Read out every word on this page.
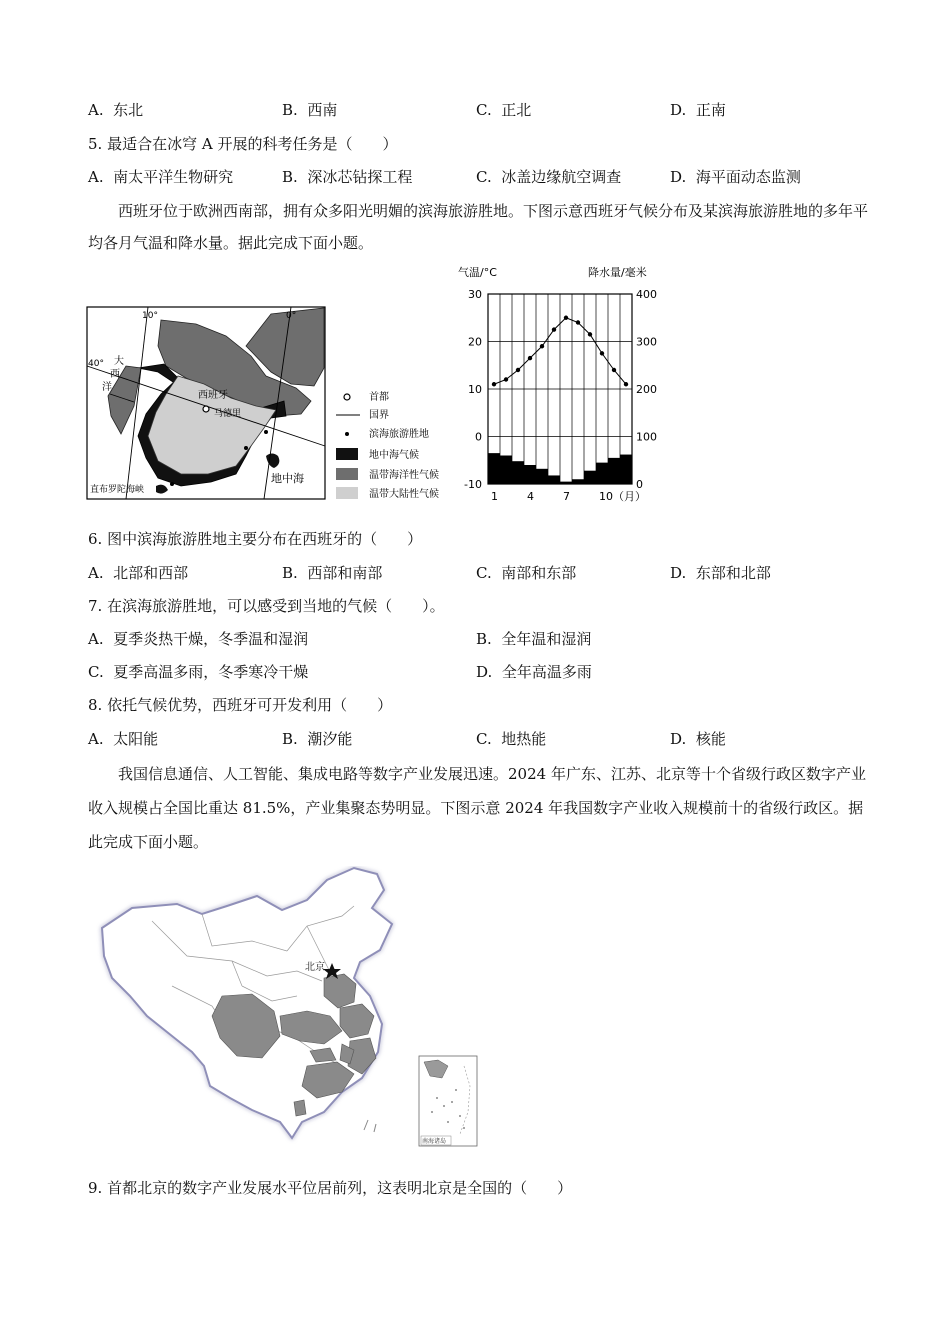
A. 东北	B. 西南	C. 正北	D. 正南
5. 最适合在冰穹 A 开展的科考任务是（　　）
A. 南太平洋生物研究	B. 深冰芯钻探工程	C. 冰盖边缘航空调查	D. 海平面动态监测
西班牙位于欧洲西南部，拥有众多阳光明媚的滨海旅游胜地。下图示意西班牙气候分布及某滨海旅游胜地的多年平均各月气温和降水量。据此完成下面小题。
10°	0°
40° 大
西
洋
西班牙
马德里
地中海
直布罗陀海峡
首都
国界
滨海旅游胜地
地中海气候
温带海洋性气候
温带大陆性气候
气温/°C	降水量/毫米
30
20
10
0
-10
400
300
200
100
0
1	4	7	10（月）
6. 图中滨海旅游胜地主要分布在西班牙的（　　）
A. 北部和西部	B. 西部和南部	C. 南部和东部	D. 东部和北部
7. 在滨海旅游胜地，可以感受到当地的气候（　　）。
A. 夏季炎热干燥，冬季温和湿润	B. 全年温和湿润
C. 夏季高温多雨，冬季寒冷干燥	D. 全年高温多雨
8. 依托气候优势，西班牙可开发利用（　　）
A. 太阳能	B. 潮汐能	C. 地热能	D. 核能
我国信息通信、人工智能、集成电路等数字产业发展迅速。2024 年广东、江苏、北京等十个省级行政区数字产业收入规模占全国比重达 81.5%，产业集聚态势明显。下图示意 2024 年我国数字产业收入规模前十的省级行政区。据此完成下面小题。
北京
南海诸岛
9. 首都北京的数字产业发展水平位居前列，这表明北京是全国的（　　）
